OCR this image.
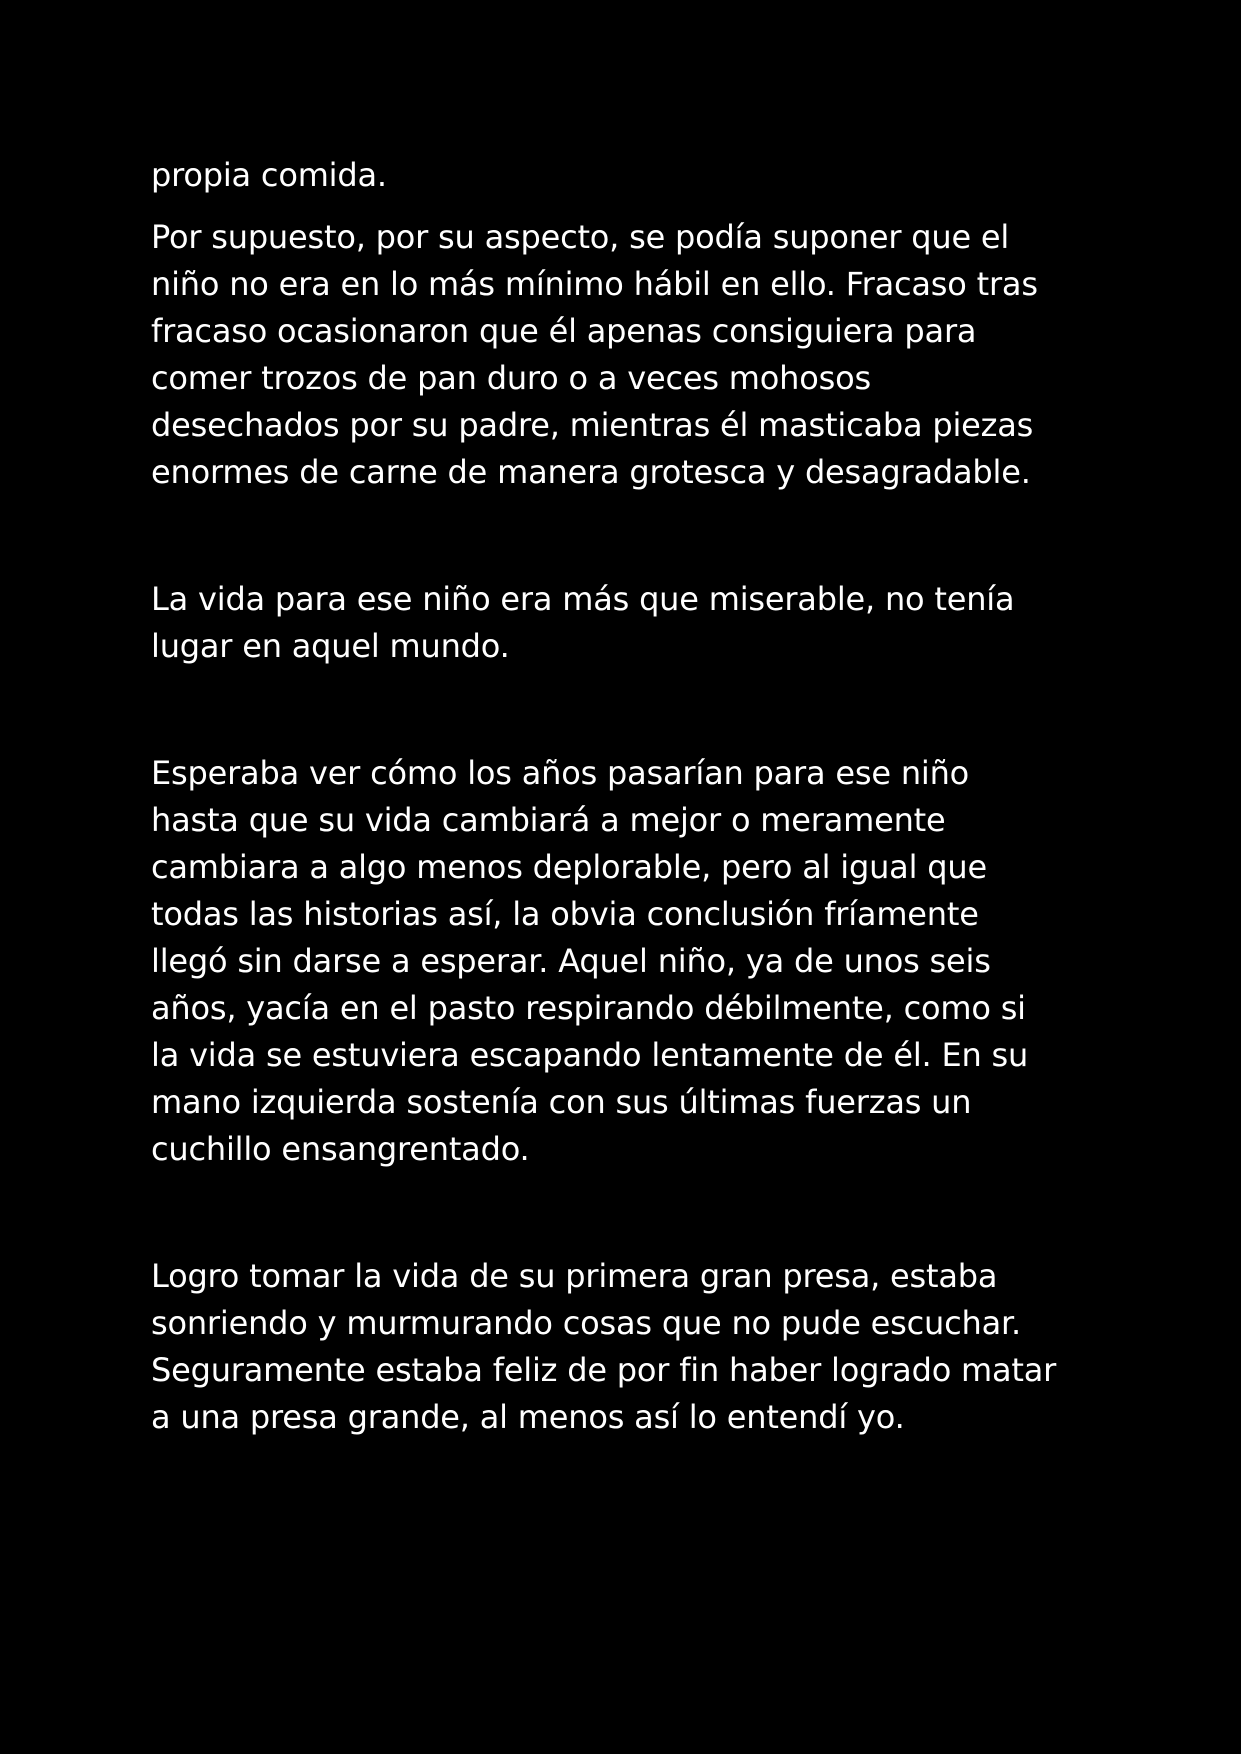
propia comida.

Por supuesto, por su aspecto, se podía suponer que el
niño no era en lo más mínimo hábil en ello. Fracaso tras
fracaso ocasionaron que él apenas consiguiera para
comer trozos de pan duro o a veces mohosos
desechados por su padre, mientras él masticaba piezas
enormes de carne de manera grotesca y desagradable.

La vida para ese niño era más que miserable, no tenía
lugar en aquel mundo.

Esperaba ver cómo los años pasarían para ese niño
hasta que su vida cambiará a mejor o meramente
cambiara a algo menos deplorable, pero al igual que
todas las historias así, la obvia conclusión fríamente
llegó sin darse a esperar. Aquel niño, ya de unos seis
años, yacía en el pasto respirando débilmente, como si
la vida se estuviera escapando lentamente de él. En su
mano izquierda sostenía con sus últimas fuerzas un
cuchillo ensangrentado.

Logro tomar la vida de su primera gran presa, estaba
sonriendo y murmurando cosas que no pude escuchar.
Seguramente estaba feliz de por fin haber logrado matar
a una presa grande, al menos así lo entendí yo.
